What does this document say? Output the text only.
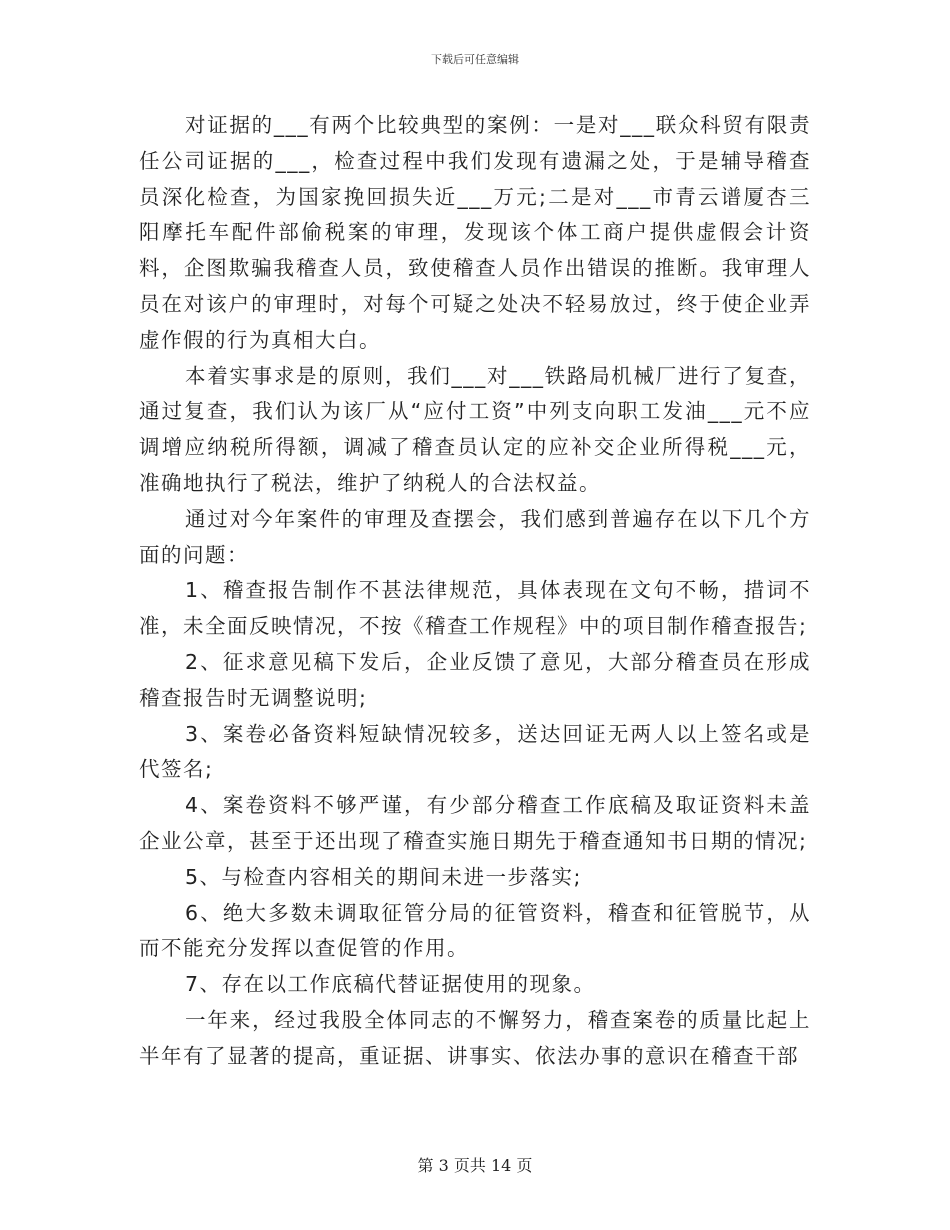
下载后可任意编辑

对证据的___有两个比较典型的案例：一是对___联众科贸有限责任公司证据的___，检查过程中我们发现有遗漏之处，于是辅导稽查员深化检查，为国家挽回损失近___万元;二是对___市青云谱厦杏三阳摩托车配件部偷税案的审理，发现该个体工商户提供虚假会计资料，企图欺骗我稽查人员，致使稽查人员作出错误的推断。我审理人员在对该户的审理时，对每个可疑之处决不轻易放过，终于使企业弄虚作假的行为真相大白。

本着实事求是的原则，我们___对___铁路局机械厂进行了复查，通过复查，我们认为该厂从“应付工资”中列支向职工发油___元不应调增应纳税所得额，调减了稽查员认定的应补交企业所得税___元，准确地执行了税法，维护了纳税人的合法权益。

通过对今年案件的审理及查摆会，我们感到普遍存在以下几个方面的问题：

1、稽查报告制作不甚法律规范，具体表现在文句不畅，措词不准，未全面反映情况，不按《稽查工作规程》中的项目制作稽查报告;

2、征求意见稿下发后，企业反馈了意见，大部分稽查员在形成稽查报告时无调整说明;

3、案卷必备资料短缺情况较多，送达回证无两人以上签名或是代签名;

4、案卷资料不够严谨，有少部分稽查工作底稿及取证资料未盖企业公章，甚至于还出现了稽查实施日期先于稽查通知书日期的情况;

5、与检查内容相关的期间未进一步落实;

6、绝大多数未调取征管分局的征管资料，稽查和征管脱节，从而不能充分发挥以查促管的作用。

7、存在以工作底稿代替证据使用的现象。

一年来，经过我股全体同志的不懈努力，稽查案卷的质量比起上半年有了显著的提高，重证据、讲事实、依法办事的意识在稽查干部

第 3 页共 14 页
